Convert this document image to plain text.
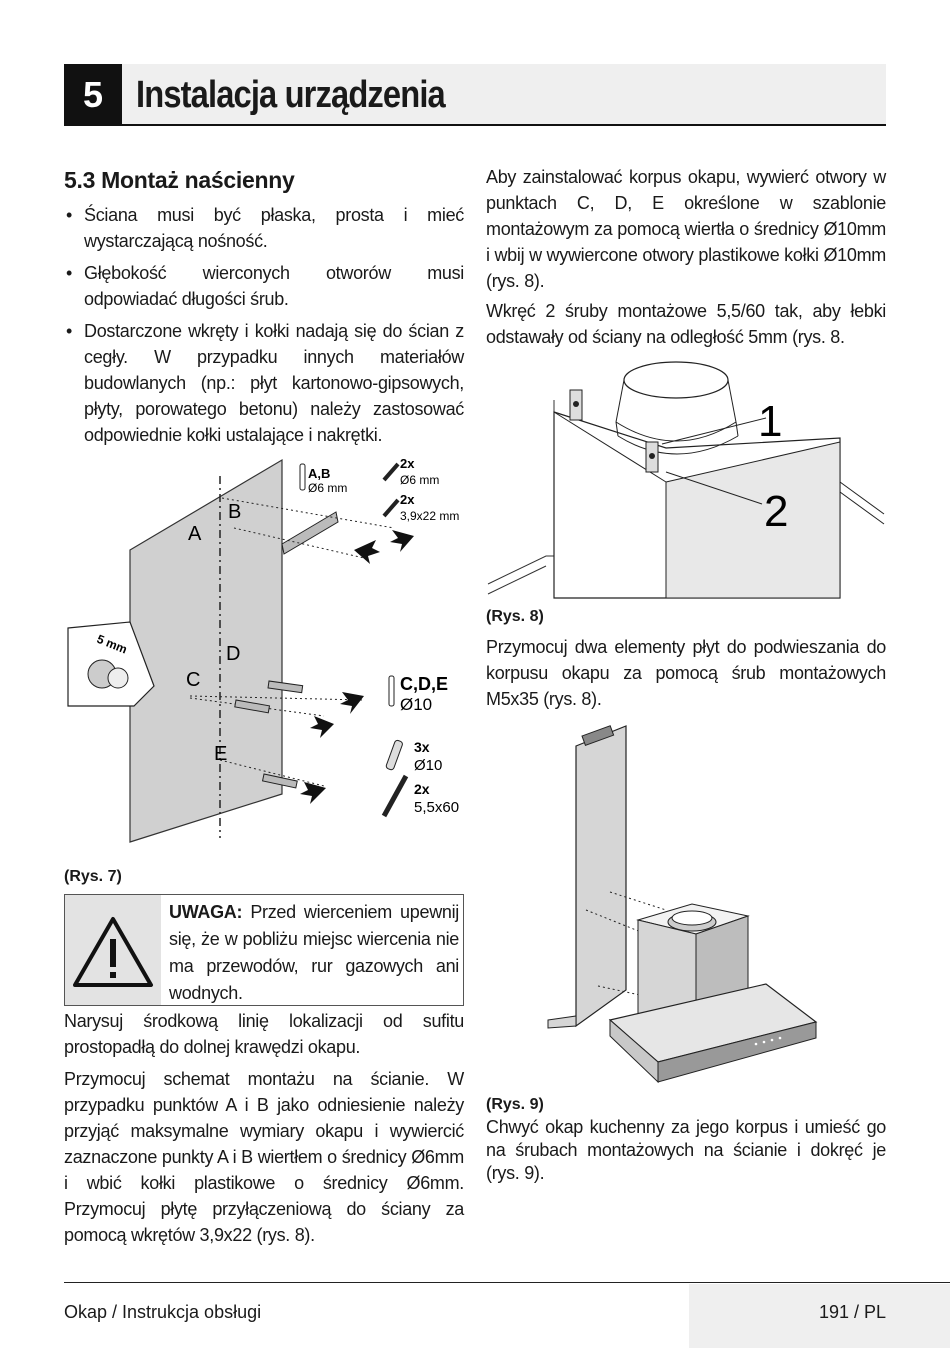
5 Instalacja urządzenia
5.3 Montaż naścienny
• Ściana musi być płaska, prosta i mieć wystarczającą nośność.
• Głębokość wierconych otworów musi odpowiadać długości śrub.
• Dostarczone wkręty i kołki nadają się do ścian z cegły. W przypadku innych materiałów budowlanych (np.: płyt kartonowo-gipsowych, płyty, porowatego betonu) należy zastosować odpowiednie kołki ustalające i nakrętki.
A
B
C
D
E
A,B
Ø6 mm
2x
Ø6 mm
2x
3,9x22 mm
C,D,E
Ø10
3x
Ø10
2x
5,5x60
5 mm
(Rys. 7)
UWAGA: Przed wierceniem upewnij się, że w pobliżu miejsc wiercenia nie ma przewodów, rur gazowych ani wodnych.

Narysuj środkową linię lokalizacji od sufitu prostopadłą do dolnej krawędzi okapu.

Przymocuj schemat montażu na ścianie. W przypadku punktów A i B jako odniesienie należy przyjąć maksymalne wymiary okapu i wywiercić zaznaczone punkty A i B wiertłem o średnicy Ø6mm i wbić kołki plastikowe o średnicy Ø6mm. Przymocuj płytę przyłączeniową do ściany za pomocą wkrętów 3,9x22 (rys. 8).

Aby zainstalować korpus okapu, wywierć otwory w punktach C, D, E określone w szablonie montażowym za pomocą wiertła o średnicy Ø10mm i wbij w wywiercone otwory plastikowe kołki Ø10mm (rys. 8).

Wkręć 2 śruby montażowe 5,5/60 tak, aby łebki odstawały od ściany na odległość 5mm (rys. 8.

1
2
(Rys. 8)

Przymocuj dwa elementy płyt do podwieszania do korpusu okapu za pomocą śrub montażowych M5x35 (rys. 8).

(Rys. 9)

Chwyć okap kuchenny za jego korpus i umieść go na śrubach montażowych na ścianie i dokręć je (rys. 9).

Okap / Instrukcja obsługi	191 / PL
